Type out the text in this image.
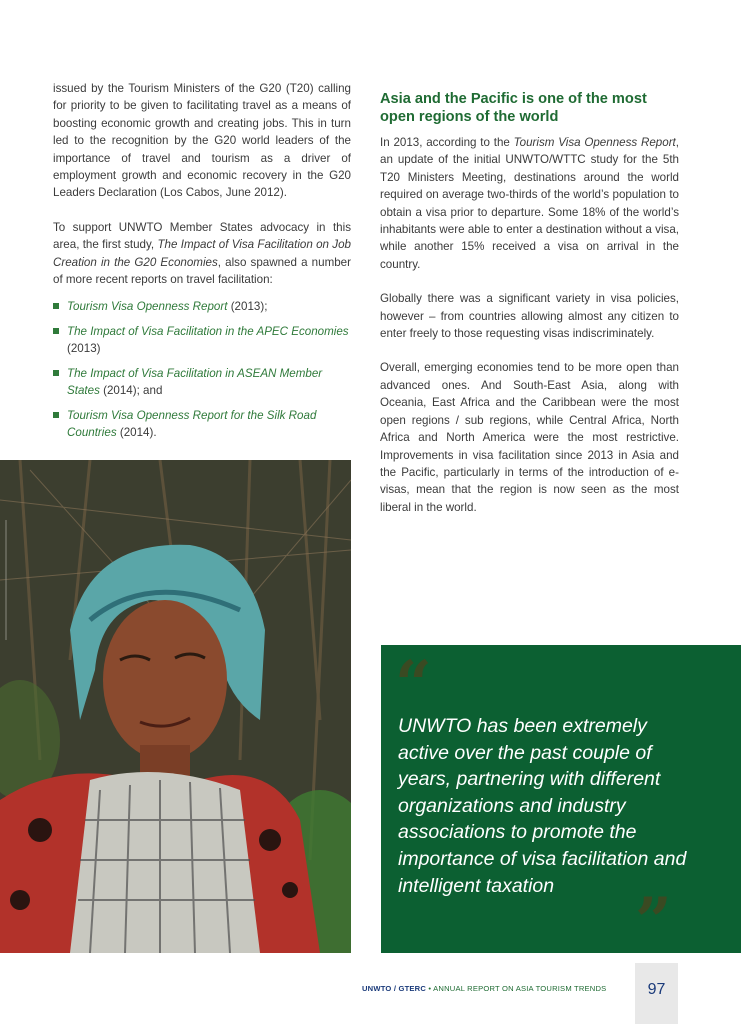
issued by the Tourism Ministers of the G20 (T20) calling for priority to be given to facilitating travel as a means of boosting economic growth and creating jobs. This in turn led to the recognition by the G20 world leaders of the importance of travel and tourism as a driver of employment growth and economic recovery in the G20 Leaders Declaration (Los Cabos, June 2012).

To support UNWTO Member States advocacy in this area, the first study, The Impact of Visa Facilitation on Job Creation in the G20 Economies, also spawned a number of more recent reports on travel facilitation:

Tourism Visa Openness Report (2013);
The Impact of Visa Facilitation in the APEC Economies (2013)
The Impact of Visa Facilitation in ASEAN Member States (2014); and
Tourism Visa Openness Report for the Silk Road Countries (2014).
Asia and the Pacific is one of the most open regions of the world

In 2013, according to the Tourism Visa Openness Report, an update of the initial UNWTO/WTTC study for the 5th T20 Ministers Meeting, destinations around the world required on average two-thirds of the world’s population to obtain a visa prior to departure. Some 18% of the world’s inhabitants were able to enter a destination without a visa, while another 15% received a visa on arrival in the country.

Globally there was a significant variety in visa policies, however – from countries allowing almost any citizen to enter freely to those requesting visas indiscriminately.

Overall, emerging economies tend to be more open than advanced ones. And South-East Asia, along with Oceania, East Africa and the Caribbean were the most open regions / sub regions, while Central Africa, North Africa and North America were the most restrictive. Improvements in visa facilitation since 2013 in Asia and the Pacific, particularly in terms of the introduction of e-visas, mean that the region is now seen as the most liberal in the world.

“
UNWTO has been extremely active over the past couple of years, partnering with different organizations and industry associations to promote the importance of visa facilitation and intelligent taxation	”
UNWTO / GTERC • ANNUAL REPORT ON ASIA TOURISM TRENDS	97
